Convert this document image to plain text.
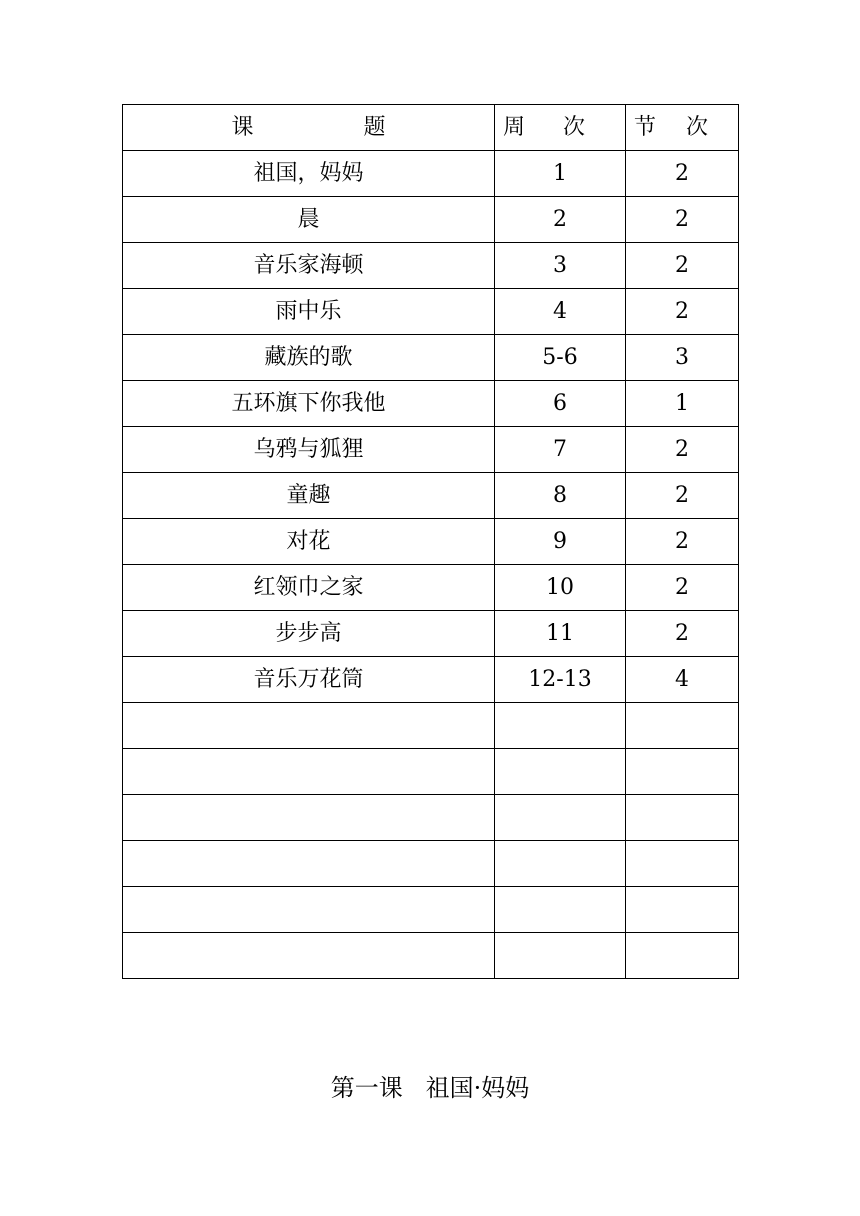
课 题	周 次	节 次

祖国，妈妈	1	2
晨	2	2
音乐家海顿	3	2
雨中乐	4	2
藏族的歌	5-6	3
五环旗下你我他	6	1
乌鸦与狐狸	7	2
童趣	8	2
对花	9	2
红领巾之家	10	2
步步高	11	2
音乐万花筒	12-13	4

第一课 祖国·妈妈
